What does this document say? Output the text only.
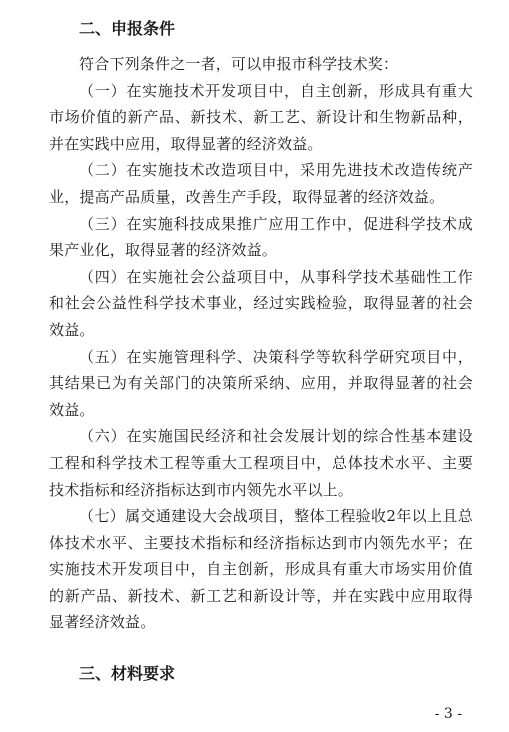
二、申报条件

符合下列条件之一者，可以申报市科学技术奖：

（一）在实施技术开发项目中，自主创新，形成具有重大市场价值的新产品、新技术、新工艺、新设计和生物新品种，并在实践中应用，取得显著的经济效益。

（二）在实施技术改造项目中，采用先进技术改造传统产业，提高产品质量，改善生产手段，取得显著的经济效益。

（三）在实施科技成果推广应用工作中，促进科学技术成果产业化，取得显著的经济效益。

（四）在实施社会公益项目中，从事科学技术基础性工作和社会公益性科学技术事业，经过实践检验，取得显著的社会效益。

（五）在实施管理科学、决策科学等软科学研究项目中，其结果已为有关部门的决策所采纳、应用，并取得显著的社会效益。

（六）在实施国民经济和社会发展计划的综合性基本建设工程和科学技术工程等重大工程项目中，总体技术水平、主要技术指标和经济指标达到市内领先水平以上。

（七）属交通建设大会战项目，整体工程验收2年以上且总体技术水平、主要技术指标和经济指标达到市内领先水平；在实施技术开发项目中，自主创新，形成具有重大市场实用价值的新产品、新技术、新工艺和新设计等，并在实践中应用取得显著经济效益。

三、材料要求
- 3 -
